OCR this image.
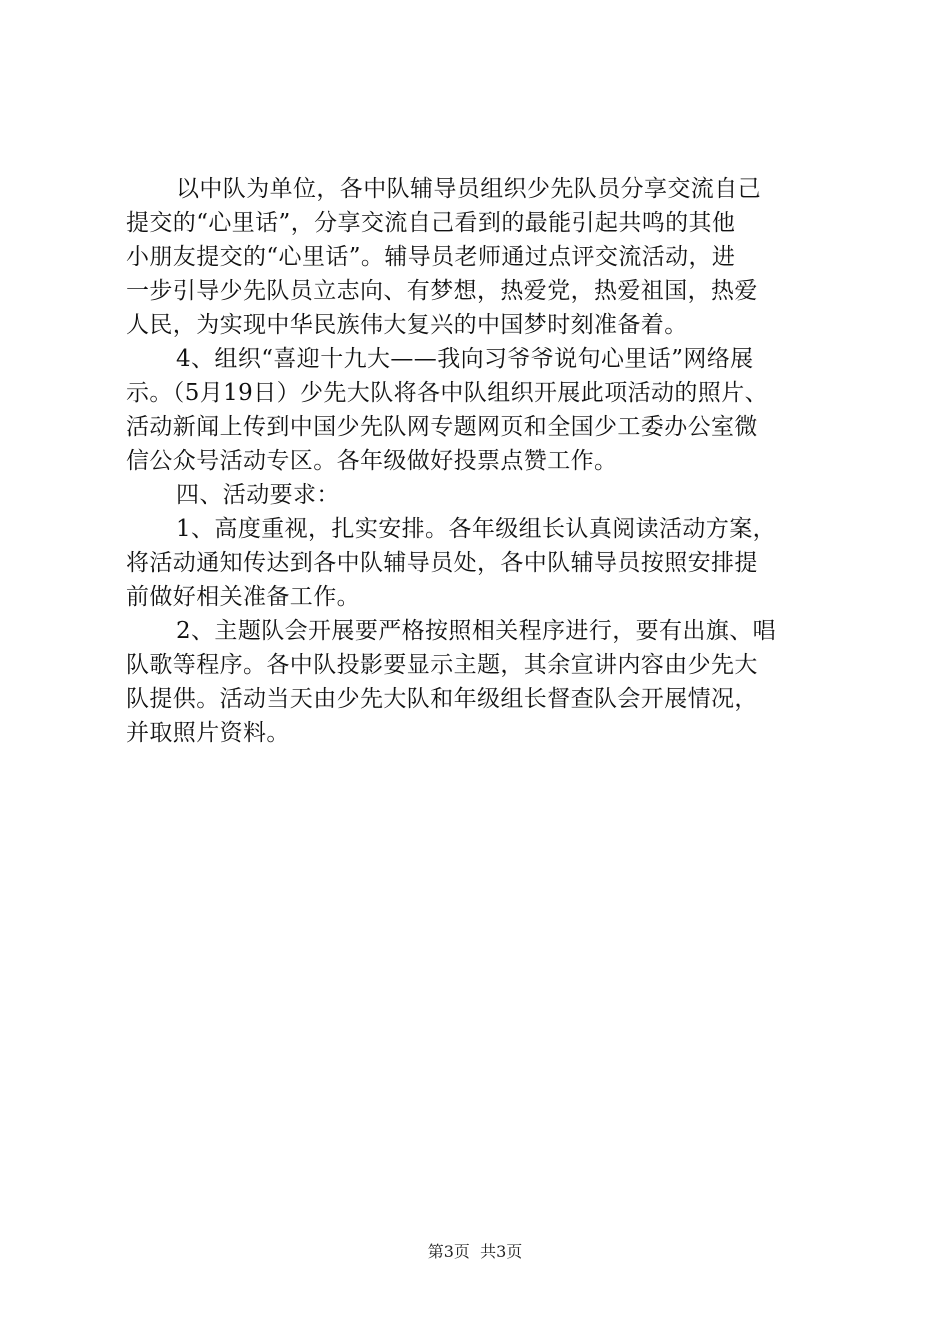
以中队为单位，各中队辅导员组织少先队员分享交流自己
提交的“心里话”，分享交流自己看到的最能引起共鸣的其他
小朋友提交的“心里话”。辅导员老师通过点评交流活动，进
一步引导少先队员立志向、有梦想，热爱党，热爱祖国，热爱
人民，为实现中华民族伟大复兴的中国梦时刻准备着。
4、组织“喜迎十九大——我向习爷爷说句心里话”网络展
示。（5月19日）少先大队将各中队组织开展此项活动的照片、
活动新闻上传到中国少先队网专题网页和全国少工委办公室微
信公众号活动专区。各年级做好投票点赞工作。
四、活动要求：
1、高度重视，扎实安排。各年级组长认真阅读活动方案，
将活动通知传达到各中队辅导员处，各中队辅导员按照安排提
前做好相关准备工作。
2、主题队会开展要严格按照相关程序进行，要有出旗、唱
队歌等程序。各中队投影要显示主题，其余宣讲内容由少先大
队提供。活动当天由少先大队和年级组长督查队会开展情况，
并取照片资料。
第3页  共3页
